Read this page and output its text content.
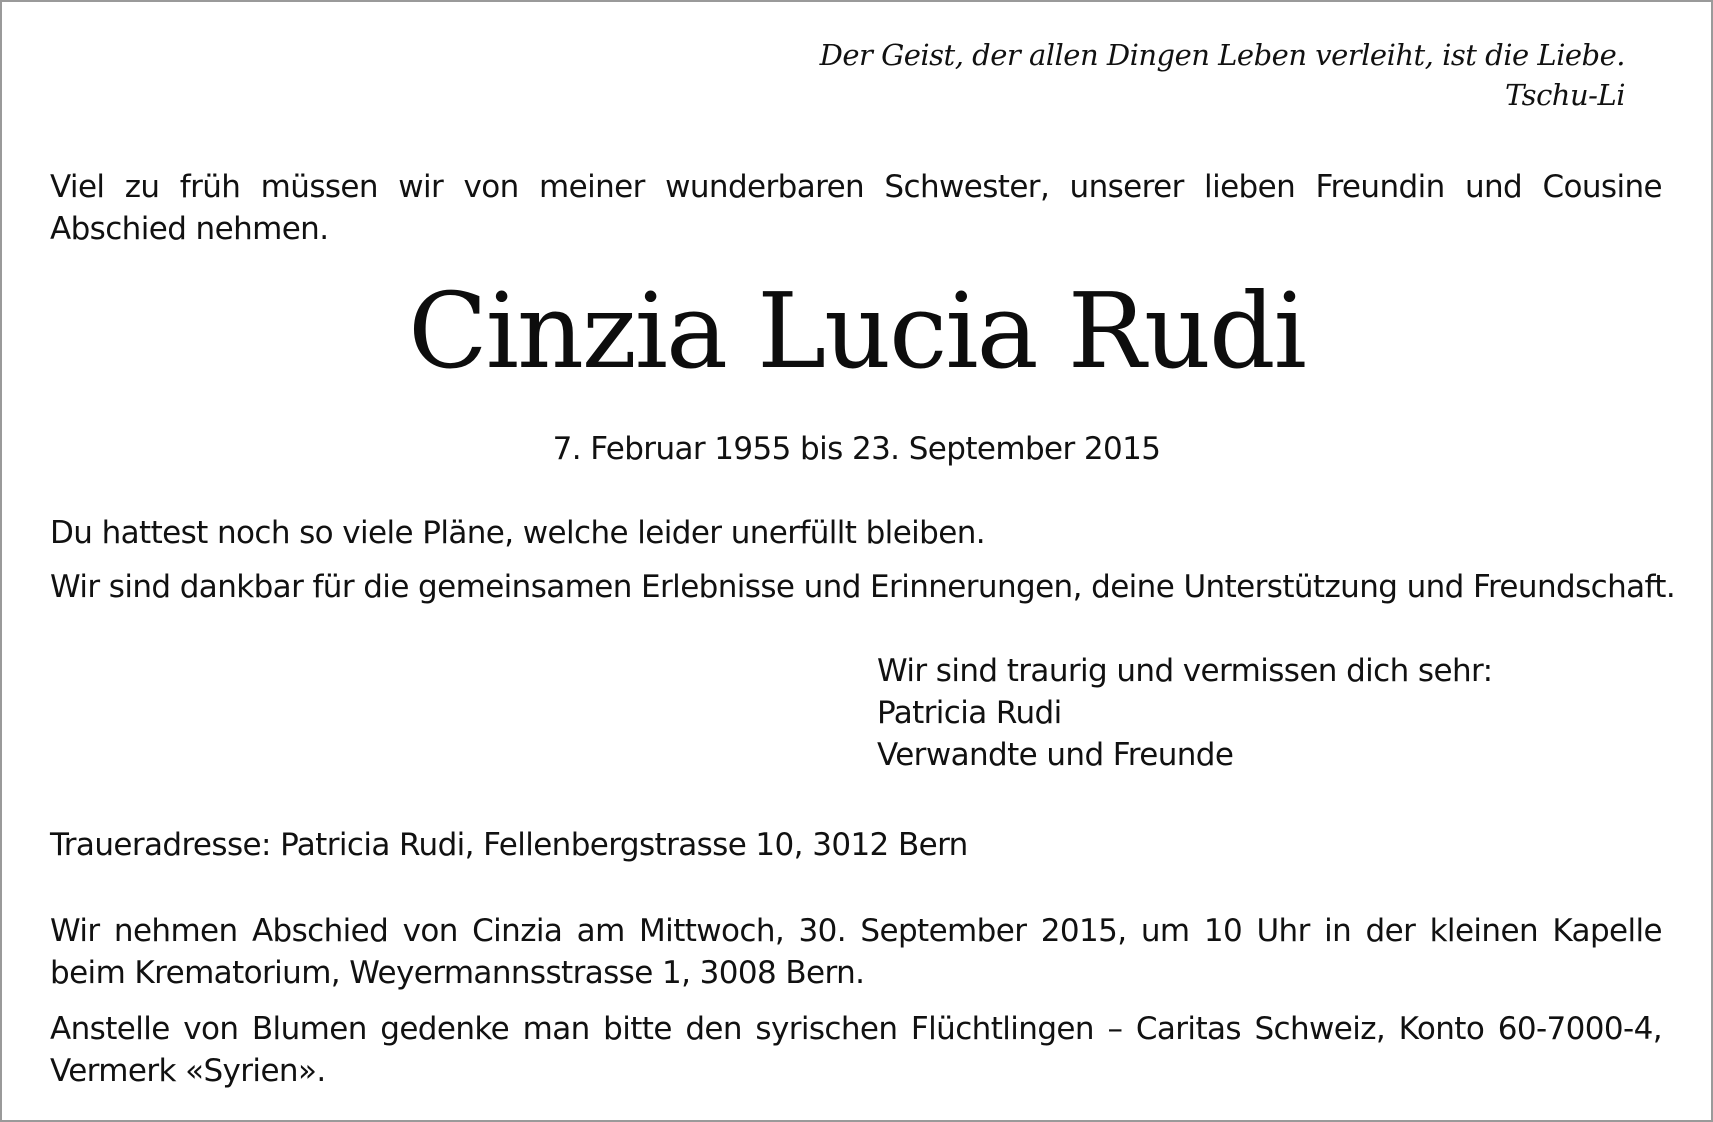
Der Geist, der allen Dingen Leben verleiht, ist die Liebe.
Tschu-Li
Viel zu früh müssen wir von meiner wunderbaren Schwester, unserer lieben Freundin und Cousine Abschied nehmen.
Cinzia Lucia Rudi
7. Februar 1955 bis 23. September 2015
Du hattest noch so viele Pläne, welche leider unerfüllt bleiben.
Wir sind dankbar für die gemeinsamen Erlebnisse und Erinnerungen, deine Unterstützung und Freundschaft.
Wir sind traurig und vermissen dich sehr:
Patricia Rudi
Verwandte und Freunde
Traueradresse: Patricia Rudi, Fellenbergstrasse 10, 3012 Bern
Wir nehmen Abschied von Cinzia am Mittwoch, 30. September 2015, um 10 Uhr in der kleinen Kapelle beim Krematorium, Weyermannsstrasse 1, 3008 Bern.
Anstelle von Blumen gedenke man bitte den syrischen Flüchtlingen – Caritas Schweiz, Konto 60-7000-4, Vermerk «Syrien».
